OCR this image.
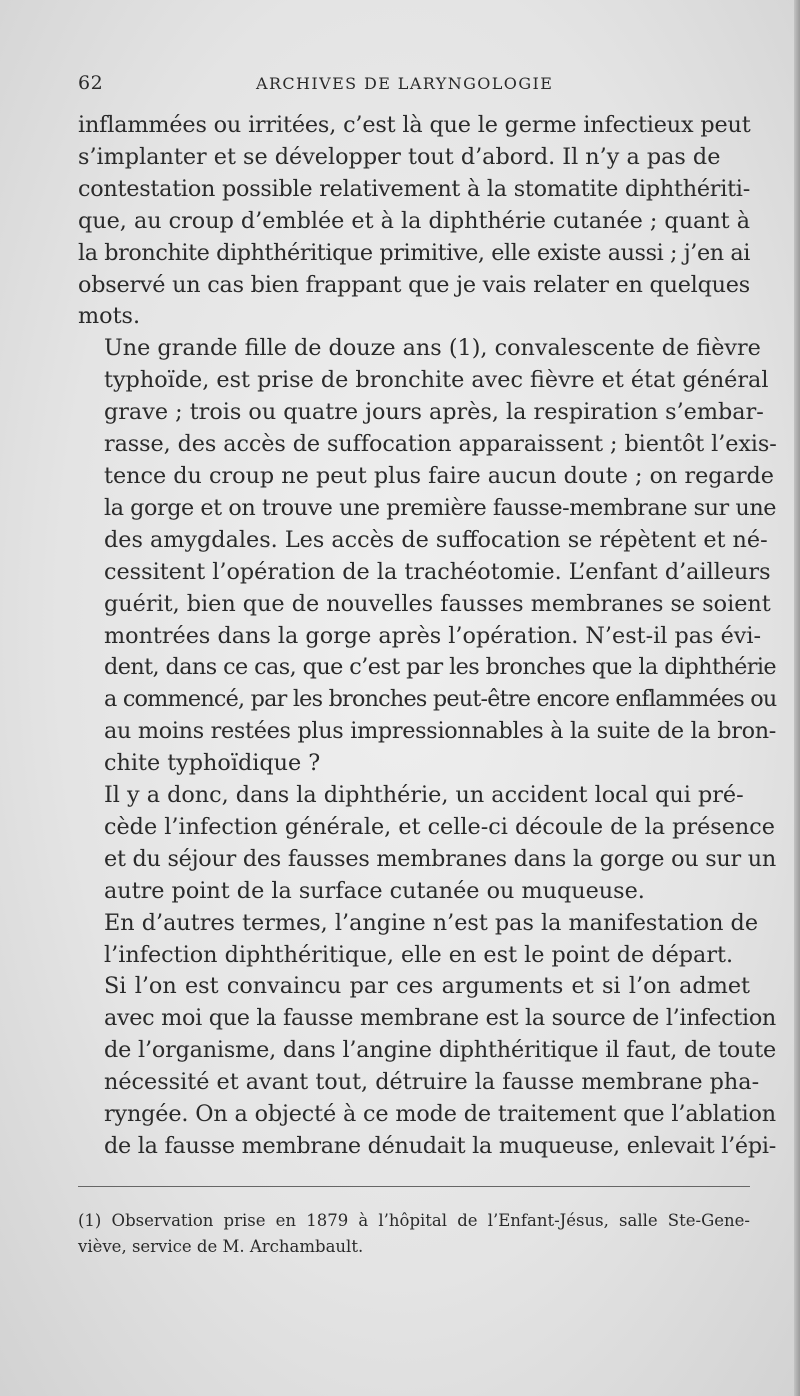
62	ARCHIVES DE LARYNGOLOGIE

inflammées ou irritées, c’est là que le germe infectieux peut
s’implanter et se développer tout d’abord. Il n’y a pas de
contestation possible relativement à la stomatite diphthériti-
que, au croup d’emblée et à la diphthérie cutanée ; quant à
la bronchite diphthéritique primitive, elle existe aussi ; j’en ai
observé un cas bien frappant que je vais relater en quelques
mots.

Une grande fille de douze ans (1), convalescente de fièvre
typhoïde, est prise de bronchite avec fièvre et état général
grave ; trois ou quatre jours après, la respiration s’embar-
rasse, des accès de suffocation apparaissent ; bientôt l’exis-
tence du croup ne peut plus faire aucun doute ; on regarde
la gorge et on trouve une première fausse-membrane sur une
des amygdales. Les accès de suffocation se répètent et né-
cessitent l’opération de la trachéotomie. L’enfant d’ailleurs
guérit, bien que de nouvelles fausses membranes se soient
montrées dans la gorge après l’opération. N’est-il pas évi-
dent, dans ce cas, que c’est par les bronches que la diphthérie
a commencé, par les bronches peut-être encore enflammées ou
au moins restées plus impressionnables à la suite de la bron-
chite typhoïdique ?

Il y a donc, dans la diphthérie, un accident local qui pré-
cède l’infection générale, et celle-ci découle de la présence
et du séjour des fausses membranes dans la gorge ou sur un
autre point de la surface cutanée ou muqueuse.

En d’autres termes, l’angine n’est pas la manifestation de
l’infection diphthéritique, elle en est le point de départ.

Si l’on est convaincu par ces arguments et si l’on admet
avec moi que la fausse membrane est la source de l’infection
de l’organisme, dans l’angine diphthéritique il faut, de toute
nécessité et avant tout, détruire la fausse membrane pha-
ryngée. On a objecté à ce mode de traitement que l’ablation
de la fausse membrane dénudait la muqueuse, enlevait l’épi-

(1) Observation prise en 1879 à l’hôpital de l’Enfant-Jésus, salle Ste-Gene-
viève, service de M. Archambault.
